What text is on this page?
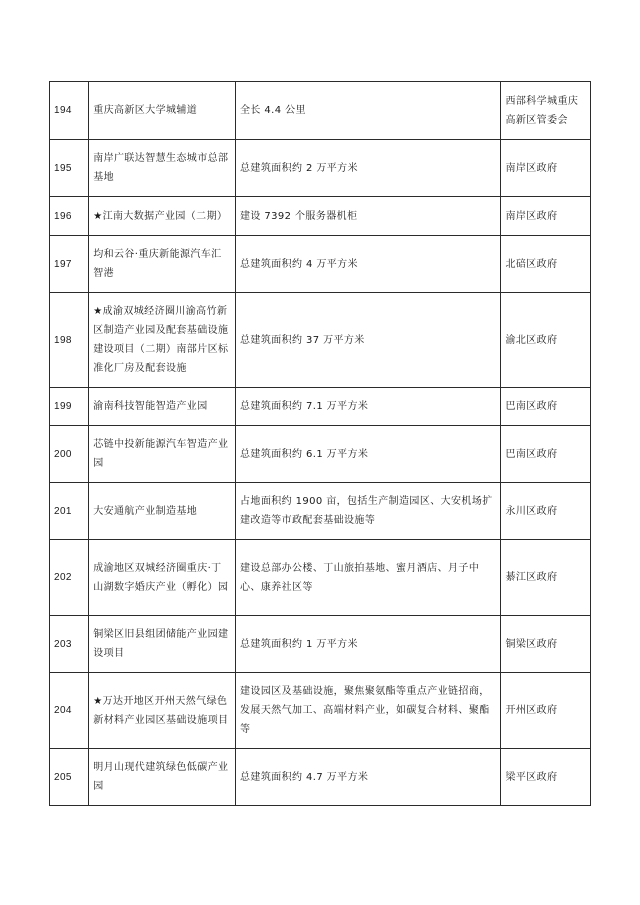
194	重庆高新区大学城辅道	全长 4.4 公里	西部科学城重庆高新区管委会
195	南岸广联达智慧生态城市总部基地	总建筑面积约 2 万平方米	南岸区政府
196	★江南大数据产业园（二期）	建设 7392 个服务器机柜	南岸区政府
197	均和云谷·重庆新能源汽车汇智港	总建筑面积约 4 万平方米	北碚区政府
198	★成渝双城经济圈川渝高竹新区制造产业园及配套基础设施建设项目（二期）南部片区标准化厂房及配套设施	总建筑面积约 37 万平方米	渝北区政府
199	渝南科技智能智造产业园	总建筑面积约 7.1 万平方米	巴南区政府
200	芯链中投新能源汽车智造产业园	总建筑面积约 6.1 万平方米	巴南区政府
201	大安通航产业制造基地	占地面积约 1900 亩，包括生产制造园区、大安机场扩建改造等市政配套基础设施等	永川区政府
202	成渝地区双城经济圈重庆·丁山湖数字婚庆产业（孵化）园	建设总部办公楼、丁山旅拍基地、蜜月酒店、月子中心、康养社区等	綦江区政府
203	铜梁区旧县组团储能产业园建设项目	总建筑面积约 1 万平方米	铜梁区政府
204	★万达开地区开州天然气绿色新材料产业园区基础设施项目	建设园区及基础设施，聚焦聚氨酯等重点产业链招商，发展天然气加工、高端材料产业，如碳复合材料、聚酯等	开州区政府
205	明月山现代建筑绿色低碳产业园	总建筑面积约 4.7 万平方米	梁平区政府
